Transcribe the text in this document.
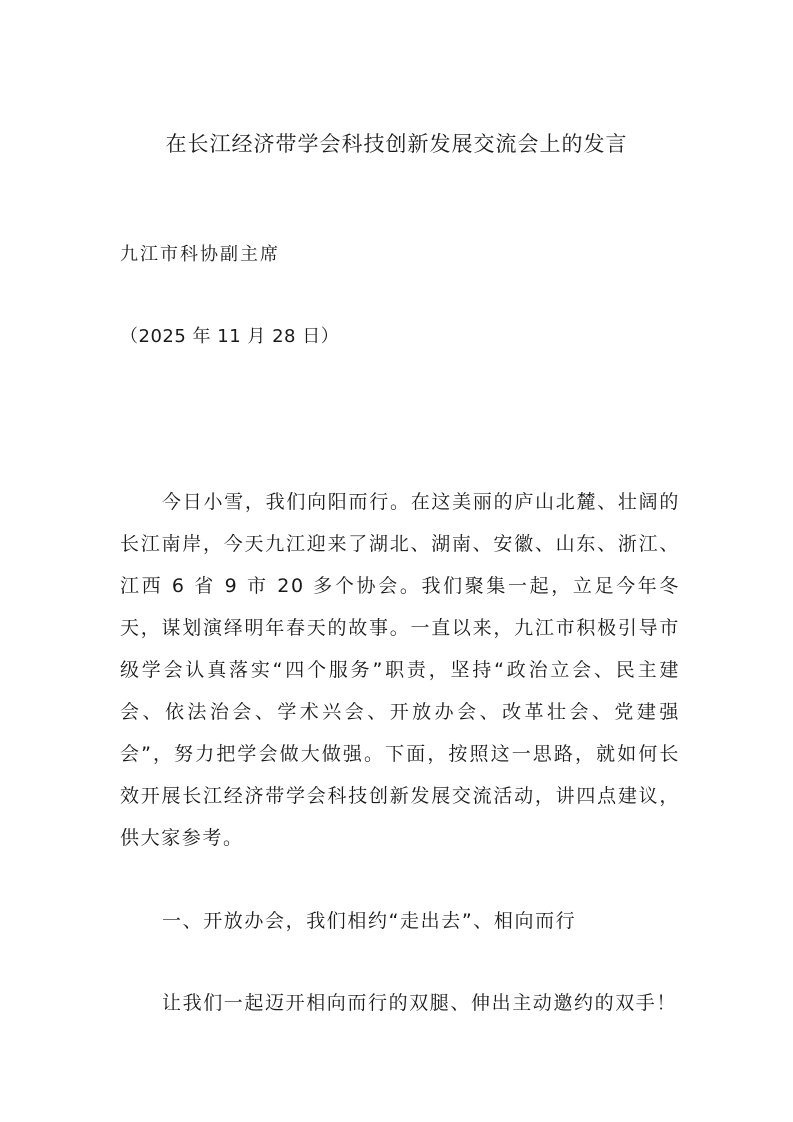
在长江经济带学会科技创新发展交流会上的发言
九江市科协副主席
（2025 年 11 月 28 日）

今日小雪，我们向阳而行。在这美丽的庐山北麓、壮阔的长江南岸，今天九江迎来了湖北、湖南、安徽、山东、浙江、江西 6 省 9 市 20 多个协会。我们聚集一起，立足今年冬天，谋划演绎明年春天的故事。一直以来，九江市积极引导市级学会认真落实“四个服务”职责，坚持“政治立会、民主建会、依法治会、学术兴会、开放办会、改革壮会、党建强会”，努力把学会做大做强。下面，按照这一思路，就如何长效开展长江经济带学会科技创新发展交流活动，讲四点建议，供大家参考。

一、开放办会，我们相约“走出去”、相向而行
让我们一起迈开相向而行的双腿、伸出主动邀约的双手！
